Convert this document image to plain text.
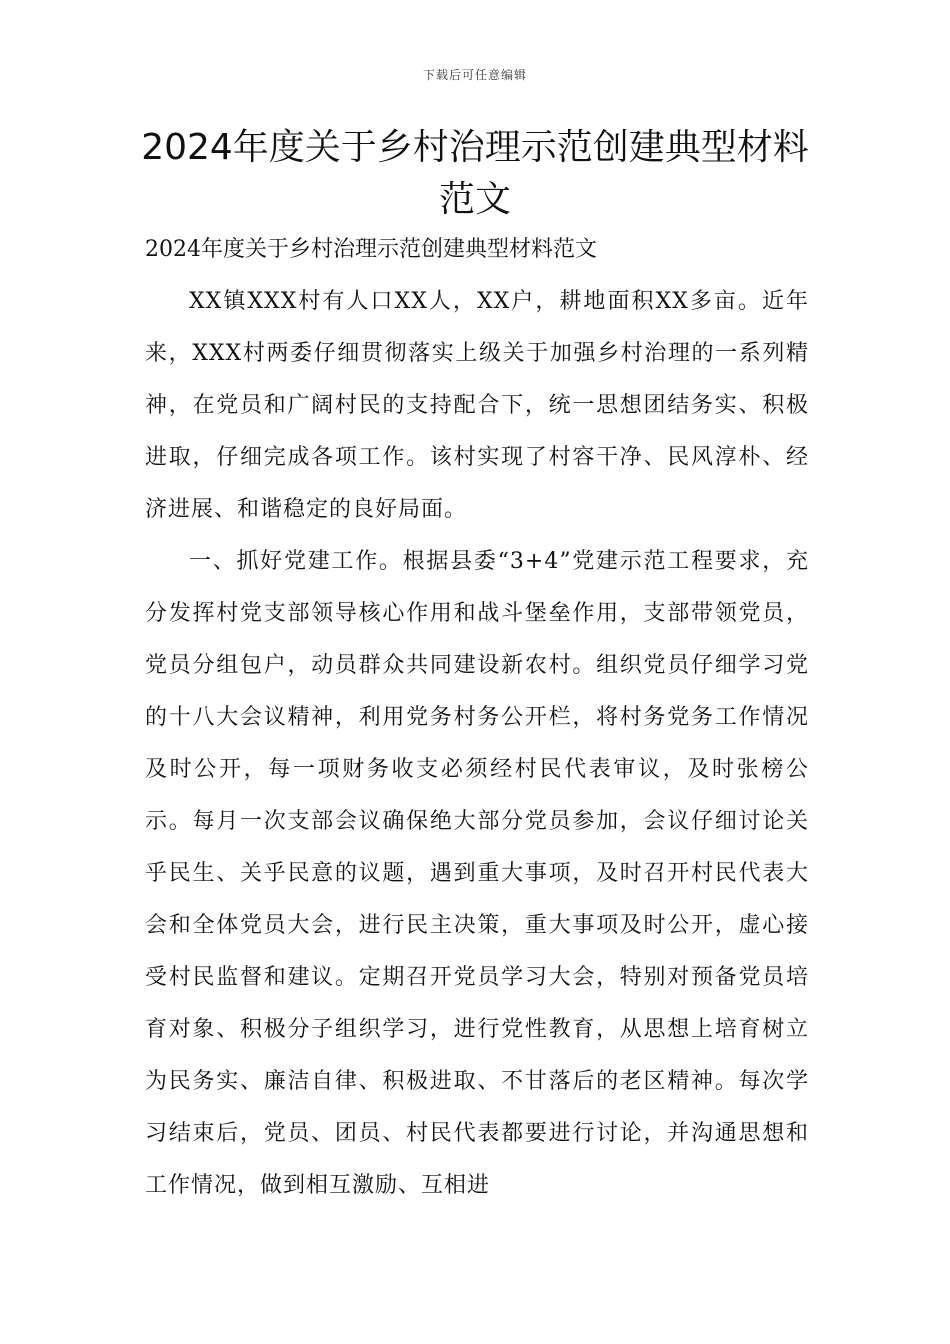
下载后可任意编辑
2024年度关于乡村治理示范创建典型材料范文
2024年度关于乡村治理示范创建典型材料范文

XX镇XXX村有人口XX人，XX户，耕地面积XX多亩。近年来，XXX村两委仔细贯彻落实上级关于加强乡村治理的一系列精神，在党员和广阔村民的支持配合下，统一思想团结务实、积极进取，仔细完成各项工作。该村实现了村容干净、民风淳朴、经济进展、和谐稳定的良好局面。

一、抓好党建工作。根据县委“3+4”党建示范工程要求，充分发挥村党支部领导核心作用和战斗堡垒作用，支部带领党员，党员分组包户，动员群众共同建设新农村。组织党员仔细学习党的十八大会议精神，利用党务村务公开栏，将村务党务工作情况及时公开，每一项财务收支必须经村民代表审议，及时张榜公示。每月一次支部会议确保绝大部分党员参加，会议仔细讨论关乎民生、关乎民意的议题，遇到重大事项，及时召开村民代表大会和全体党员大会，进行民主决策，重大事项及时公开，虚心接受村民监督和建议。定期召开党员学习大会，特别对预备党员培育对象、积极分子组织学习，进行党性教育，从思想上培育树立为民务实、廉洁自律、积极进取、不甘落后的老区精神。每次学习结束后，党员、团员、村民代表都要进行讨论，并沟通思想和工作情况，做到相互激励、互相进
